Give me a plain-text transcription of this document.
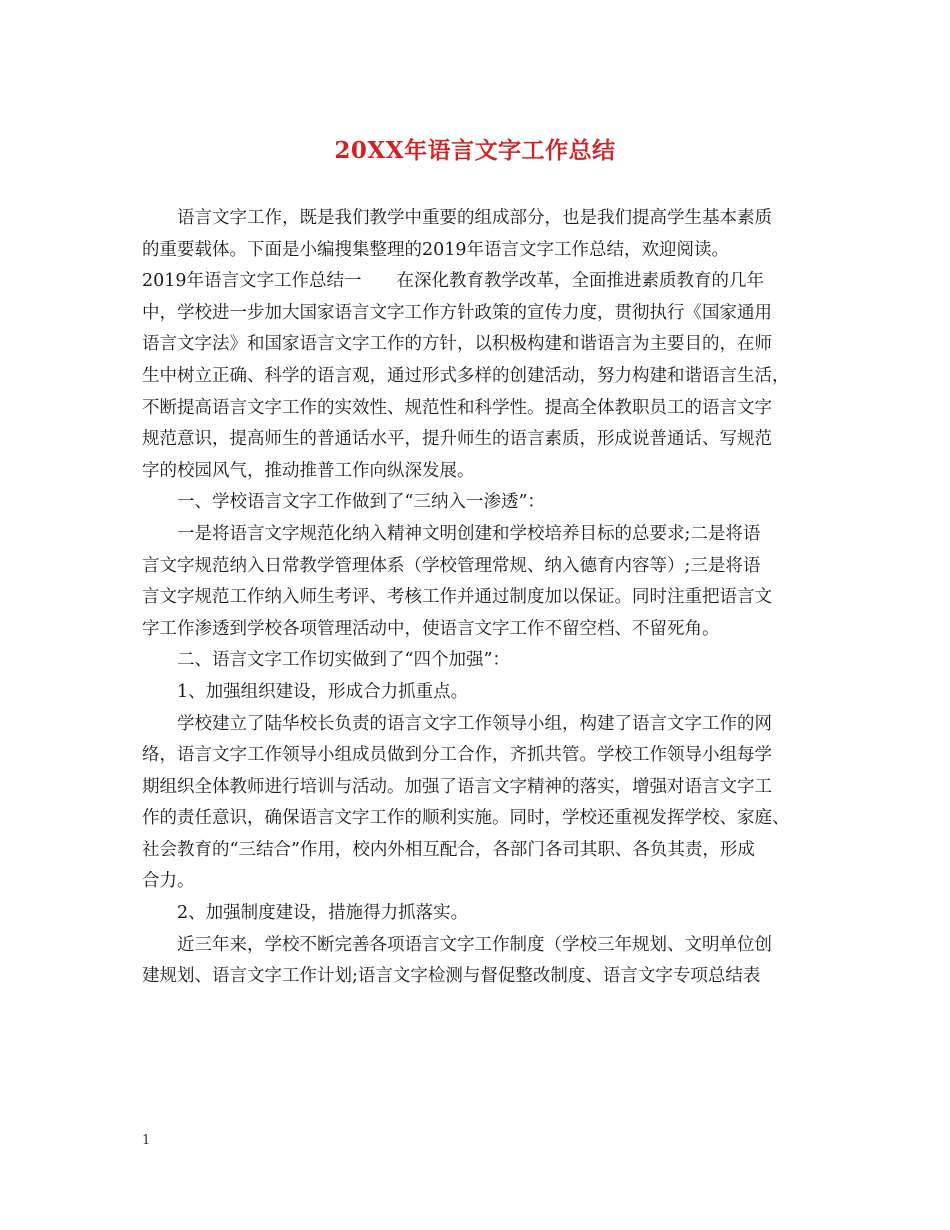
20XX年语言文字工作总结
语言文字工作，既是我们教学中重要的组成部分，也是我们提高学生基本素质
的重要载体。下面是小编搜集整理的2019年语言文字工作总结，欢迎阅读。
2019年语言文字工作总结一　　在深化教育教学改革，全面推进素质教育的几年
中，学校进一步加大国家语言文字工作方针政策的宣传力度，贯彻执行《国家通用
语言文字法》和国家语言文字工作的方针，以积极构建和谐语言为主要目的，在师
生中树立正确、科学的语言观，通过形式多样的创建活动，努力构建和谐语言生活，
不断提高语言文字工作的实效性、规范性和科学性。提高全体教职员工的语言文字
规范意识，提高师生的普通话水平，提升师生的语言素质，形成说普通话、写规范
字的校园风气，推动推普工作向纵深发展。
一、学校语言文字工作做到了“三纳入一渗透”：
一是将语言文字规范化纳入精神文明创建和学校培养目标的总要求;二是将语
言文字规范纳入日常教学管理体系（学校管理常规、纳入德育内容等）;三是将语
言文字规范工作纳入师生考评、考核工作并通过制度加以保证。同时注重把语言文
字工作渗透到学校各项管理活动中，使语言文字工作不留空档、不留死角。
二、语言文字工作切实做到了“四个加强”：
1、加强组织建设，形成合力抓重点。
学校建立了陆华校长负责的语言文字工作领导小组，构建了语言文字工作的网
络，语言文字工作领导小组成员做到分工合作，齐抓共管。学校工作领导小组每学
期组织全体教师进行培训与活动。加强了语言文字精神的落实，增强对语言文字工
作的责任意识，确保语言文字工作的顺利实施。同时，学校还重视发挥学校、家庭、
社会教育的“三结合”作用，校内外相互配合，各部门各司其职、各负其责，形成
合力。
2、加强制度建设，措施得力抓落实。
近三年来，学校不断完善各项语言文字工作制度（学校三年规划、文明单位创
建规划、语言文字工作计划;语言文字检测与督促整改制度、语言文字专项总结表
1
